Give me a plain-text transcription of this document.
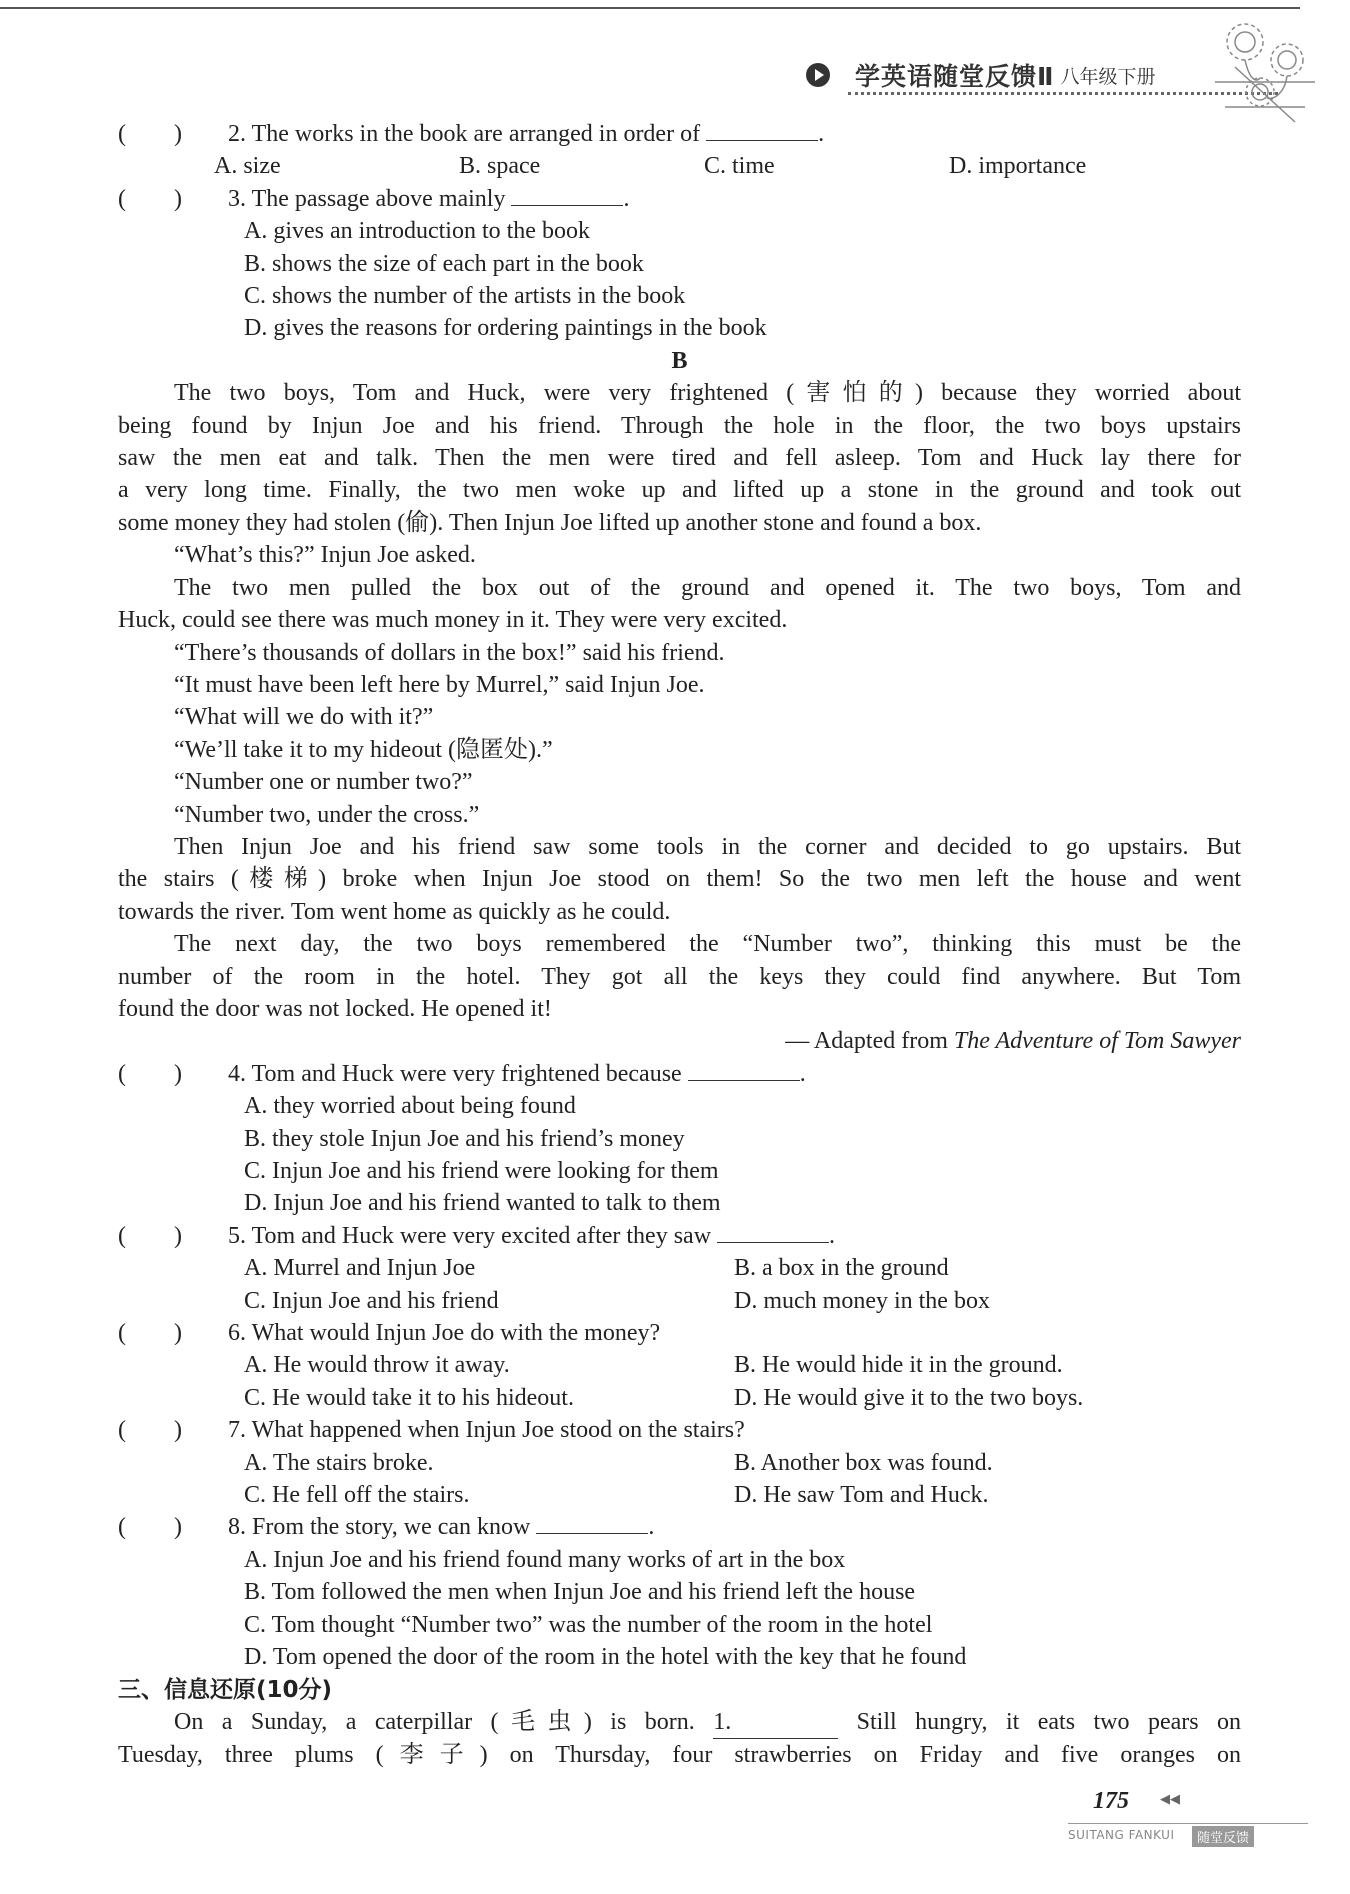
学英语随堂反馈Ⅱ 八年级下册
(　　) 2. The works in the book are arranged in order of	.
A. size	B. space	C. time	D. importance
(　　) 3. The passage above mainly	.
A. gives an introduction to the book
B. shows the size of each part in the book
C. shows the number of the artists in the book
D. gives the reasons for ordering paintings in the book
B
The two boys, Tom and Huck, were very frightened (害怕的) because they worried about
being found by Injun Joe and his friend. Through the hole in the floor, the two boys upstairs
saw the men eat and talk. Then the men were tired and fell asleep. Tom and Huck lay there for
a very long time. Finally, the two men woke up and lifted up a stone in the ground and took out
some money they had stolen (偷). Then Injun Joe lifted up another stone and found a box.
“What’s this?” Injun Joe asked.
The two men pulled the box out of the ground and opened it. The two boys, Tom and
Huck, could see there was much money in it. They were very excited.
“There’s thousands of dollars in the box!” said his friend.
“It must have been left here by Murrel,” said Injun Joe.
“What will we do with it?”
“We’ll take it to my hideout (隐匿处).”
“Number one or number two?”
“Number two, under the cross.”
Then Injun Joe and his friend saw some tools in the corner and decided to go upstairs. But
the stairs (楼梯) broke when Injun Joe stood on them! So the two men left the house and went
towards the river. Tom went home as quickly as he could.
The next day, the two boys remembered the “Number two”, thinking this must be the
number of the room in the hotel. They got all the keys they could find anywhere. But Tom
found the door was not locked. He opened it!
— Adapted from The Adventure of Tom Sawyer
(　　) 4. Tom and Huck were very frightened because	.
A. they worried about being found
B. they stole Injun Joe and his friend’s money
C. Injun Joe and his friend were looking for them
D. Injun Joe and his friend wanted to talk to them
(　　) 5. Tom and Huck were very excited after they saw	.
A. Murrel and Injun Joe	B. a box in the ground
C. Injun Joe and his friend	D. much money in the box
(　　) 6. What would Injun Joe do with the money?
A. He would throw it away.	B. He would hide it in the ground.
C. He would take it to his hideout.	D. He would give it to the two boys.
(　　) 7. What happened when Injun Joe stood on the stairs?
A. The stairs broke.	B. Another box was found.
C. He fell off the stairs.	D. He saw Tom and Huck.
(　　) 8. From the story, we can know	.
A. Injun Joe and his friend found many works of art in the box
B. Tom followed the men when Injun Joe and his friend left the house
C. Tom thought “Number two” was the number of the room in the hotel
D. Tom opened the door of the room in the hotel with the key that he found
三、信息还原(10分)
On a Sunday, a caterpillar (毛虫) is born. 1.	Still hungry, it eats two pears on
Tuesday, three plums (李子) on Thursday, four strawberries on Friday and five oranges on
175 ◀◀
SUITANG FANKUI	随堂反馈
